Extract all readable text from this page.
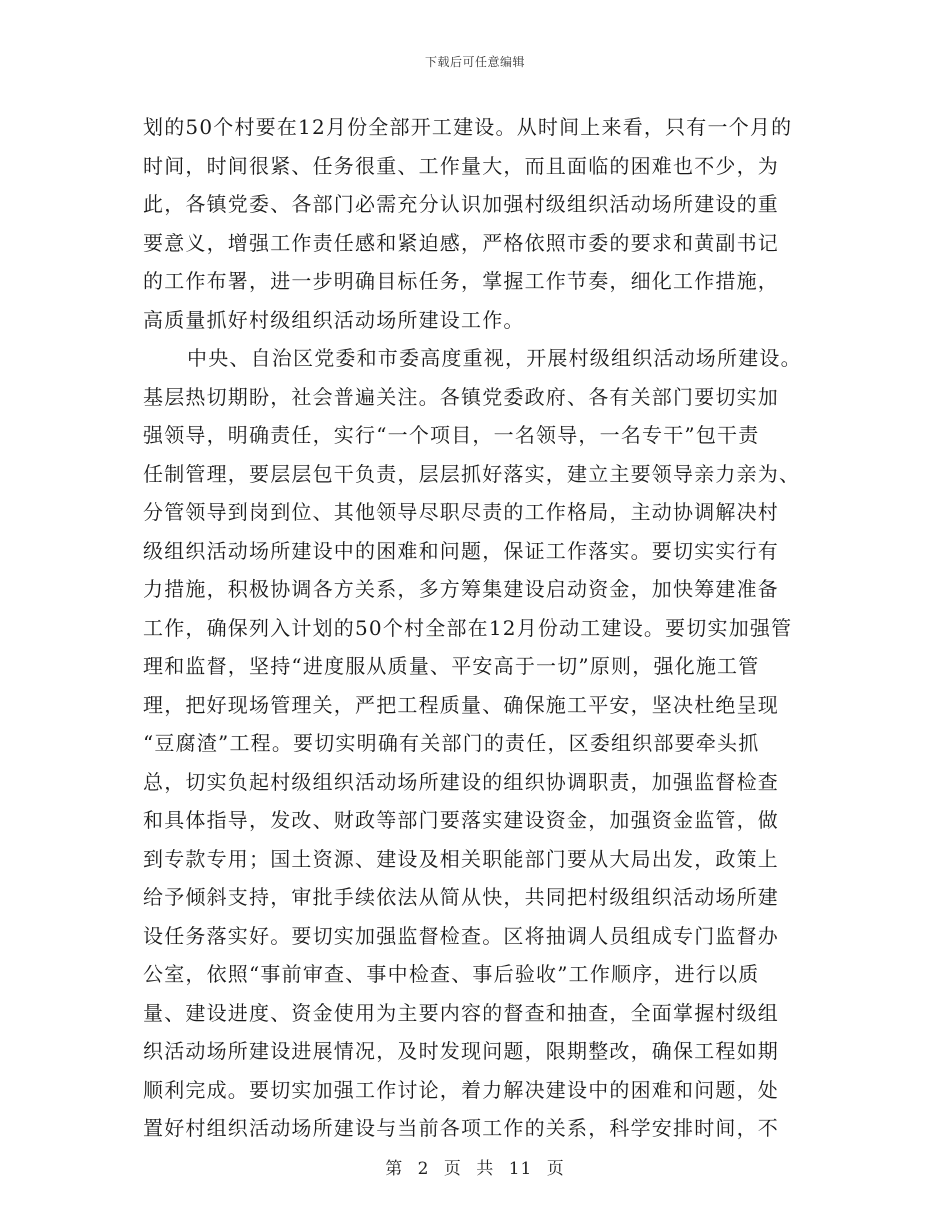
下载后可任意编辑
划的50个村要在12月份全部开工建设。从时间上来看，只有一个月的
时间，时间很紧、任务很重、工作量大，而且面临的困难也不少，为
此，各镇党委、各部门必需充分认识加强村级组织活动场所建设的重
要意义，增强工作责任感和紧迫感，严格依照市委的要求和黄副书记
的工作布署，进一步明确目标任务，掌握工作节奏，细化工作措施，
高质量抓好村级组织活动场所建设工作。
中央、自治区党委和市委高度重视，开展村级组织活动场所建设。
基层热切期盼，社会普遍关注。各镇党委政府、各有关部门要切实加
强领导，明确责任，实行“一个项目，一名领导，一名专干”包干责
任制管理，要层层包干负责，层层抓好落实，建立主要领导亲力亲为、
分管领导到岗到位、其他领导尽职尽责的工作格局，主动协调解决村
级组织活动场所建设中的困难和问题，保证工作落实。要切实实行有
力措施，积极协调各方关系，多方筹集建设启动资金，加快筹建准备
工作，确保列入计划的50个村全部在12月份动工建设。要切实加强管
理和监督，坚持“进度服从质量、平安高于一切”原则，强化施工管
理，把好现场管理关，严把工程质量、确保施工平安，坚决杜绝呈现
“豆腐渣”工程。要切实明确有关部门的责任，区委组织部要牵头抓
总，切实负起村级组织活动场所建设的组织协调职责，加强监督检查
和具体指导，发改、财政等部门要落实建设资金，加强资金监管，做
到专款专用；国土资源、建设及相关职能部门要从大局出发，政策上
给予倾斜支持，审批手续依法从简从快，共同把村级组织活动场所建
设任务落实好。要切实加强监督检查。区将抽调人员组成专门监督办
公室，依照“事前审查、事中检查、事后验收”工作顺序，进行以质
量、建设进度、资金使用为主要内容的督查和抽查，全面掌握村级组
织活动场所建设进展情况，及时发现问题，限期整改，确保工程如期
顺利完成。要切实加强工作讨论，着力解决建设中的困难和问题，处
置好村组织活动场所建设与当前各项工作的关系，科学安排时间，不
第 2 页 共 11 页
